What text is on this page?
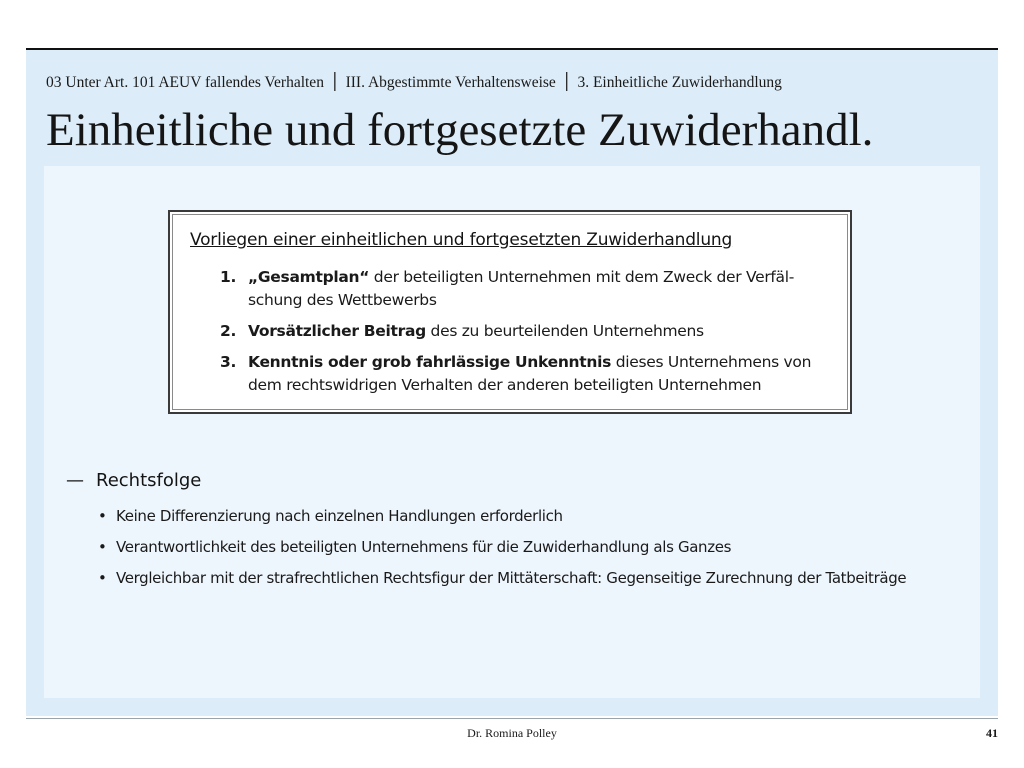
03 Unter Art. 101 AEUV fallendes Verhalten │ III. Abgestimmte Verhaltensweise │ 3. Einheitliche Zuwiderhandlung
Einheitliche und fortgesetzte Zuwiderhandl.
Vorliegen einer einheitlichen und fortgesetzten Zuwiderhandlung
1. „Gesamtplan“ der beteiligten Unternehmen mit dem Zweck der Verfäl-schung des Wettbewerbs
2. Vorsätzlicher Beitrag des zu beurteilenden Unternehmens
3. Kenntnis oder grob fahrlässige Unkenntnis dieses Unternehmens von dem rechtswidrigen Verhalten der anderen beteiligten Unternehmen
— Rechtsfolge
• Keine Differenzierung nach einzelnen Handlungen erforderlich
• Verantwortlichkeit des beteiligten Unternehmens für die Zuwiderhandlung als Ganzes
• Vergleichbar mit der strafrechtlichen Rechtsfigur der Mittäterschaft: Gegenseitige Zurechnung der Tatbeiträge
Dr. Romina Polley	41
